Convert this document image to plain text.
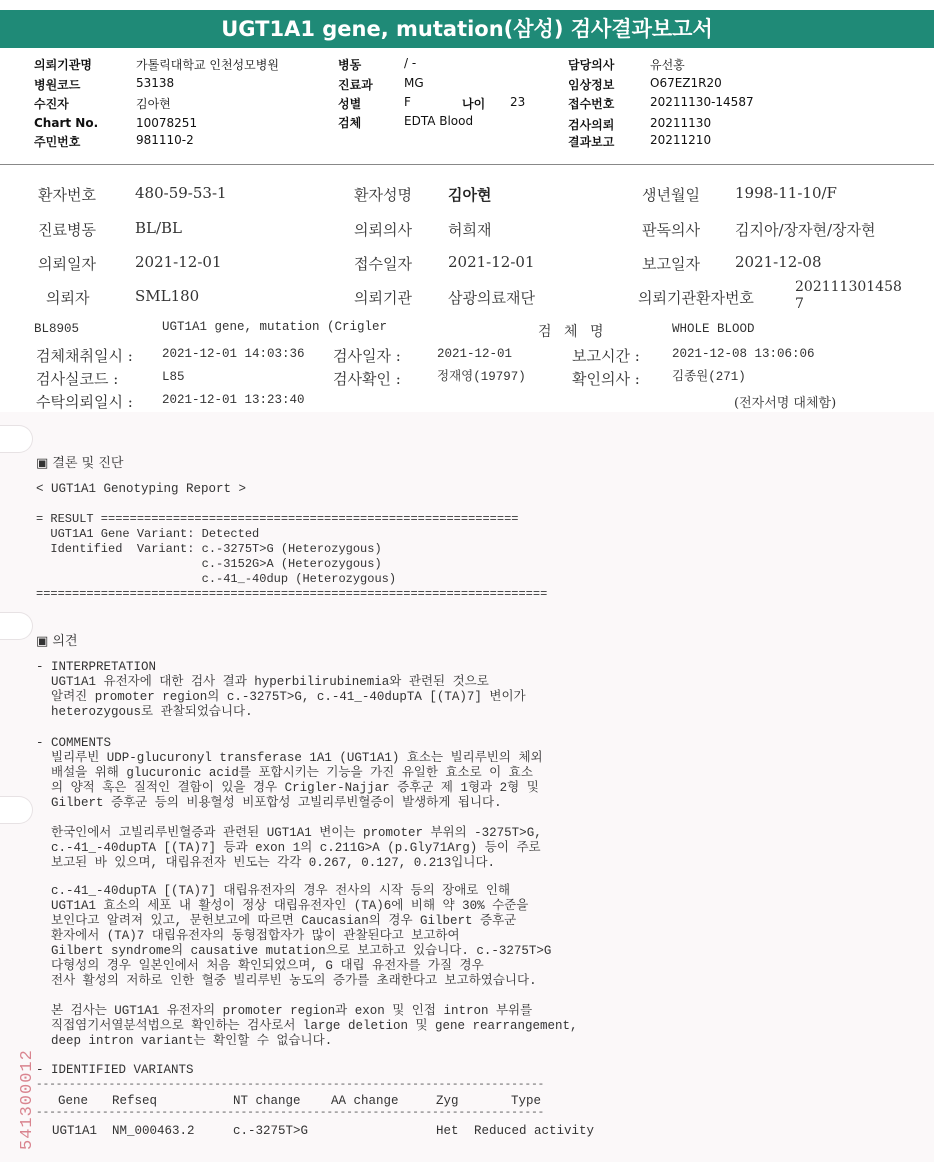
UGT1A1 gene, mutation(삼성) 검사결과보고서
의뢰기관명	가톨릭대학교 인천성모병원
병원코드	53138
수진자	김아현
Chart No.	10078251
주민번호	981110-2
병동	/ -
진료과	MG
성별	F	나이 23
검체	EDTA Blood
담당의사	유선홍
임상정보	O67EZ1R20
접수번호	20211130-14587
검사의뢰	20211130
결과보고	20211210
환자번호	480-59-53-1	환자성명 김아현	생년월일 1998-11-10/F
진료병동	BL/BL	의뢰의사 허희재	판독의사 김지아/장자현/장자현
의뢰일자	2021-12-01	접수일자 2021-12-01	보고일자 2021-12-08
의뢰자	SML180	의뢰기관 삼광의료재단	의뢰기관환자번호
202111301458
7
BL8905	UGT1A1 gene, mutation (Crigler	검 체 명	WHOLE BLOOD
검체채취일시 : 2021-12-01 14:03:36 검사일자 :	2021-12-01	보고시간 :	2021-12-08 13:06:06
검사실코드 :	L85	검사확인 :	정재영(19797)	확인의사 :	김종원(271)
수탁의뢰일시 : 2021-12-01 13:23:40	(전자서명 대체함)
▣ 결론 및 진단
< UGT1A1 Genotyping Report >
= RESULT ==========================================================
UGT1A1 Gene Variant: Detected
Identified  Variant: c.-3275T>G (Heterozygous)
c.-3152G>A (Heterozygous)
c.-41_-40dup (Heterozygous)
=======================================================================
▣ 의견
- INTERPRETATION
UGT1A1 유전자에 대한 검사 결과 hyperbilirubinemia와 관련된 것으로
알려진 promoter region의 c.-3275T>G, c.-41_-40dupTA [(TA)7] 변이가
heterozygous로 관찰되었습니다.
- COMMENTS
빌리루빈 UDP-glucuronyl transferase 1A1 (UGT1A1) 효소는 빌리루빈의 체외
배설을 위해 glucuronic acid를 포합시키는 기능을 가진 유일한 효소로 이 효소
의 양적 혹은 질적인 결함이 있을 경우 Crigler-Najjar 증후군 제 1형과 2형 및
Gilbert 증후군 등의 비용혈성 비포합성 고빌리루빈혈증이 발생하게 됩니다.
한국인에서 고빌리루빈혈증과 관련된 UGT1A1 변이는 promoter 부위의 -3275T>G,
c.-41_-40dupTA [(TA)7] 등과 exon 1의 c.211G>A (p.Gly71Arg) 등이 주로
보고된 바 있으며, 대립유전자 빈도는 각각 0.267, 0.127, 0.213입니다.
c.-41_-40dupTA [(TA)7] 대립유전자의 경우 전사의 시작 등의 장애로 인해
UGT1A1 효소의 세포 내 활성이 정상 대립유전자인 (TA)6에 비해 약 30% 수준을
보인다고 알려져 있고, 문헌보고에 따르면 Caucasian의 경우 Gilbert 증후군
환자에서 (TA)7 대립유전자의 동형접합자가 많이 관찰된다고 보고하여
Gilbert syndrome의 causative mutation으로 보고하고 있습니다. c.-3275T>G
다형성의 경우 일본인에서 처음 확인되었으며, G 대립 유전자를 가질 경우
전사 활성의 저하로 인한 혈중 빌리루빈 농도의 증가를 초래한다고 보고하였습니다.
본 검사는 UGT1A1 유전자의 promoter region과 exon 및 인접 intron 부위를
직접염기서열분석법으로 확인하는 검사로서 large deletion 및 gene rearrangement,
deep intron variant는 확인할 수 없습니다.
- IDENTIFIED VARIANTS
-----------------------------------------------------------------------------
Gene Refseq	NT change AA change	Zyg	Type
-----------------------------------------------------------------------------
UGT1A1 NM_000463.2	c.-3275T>G	Het Reduced activity
541300012
